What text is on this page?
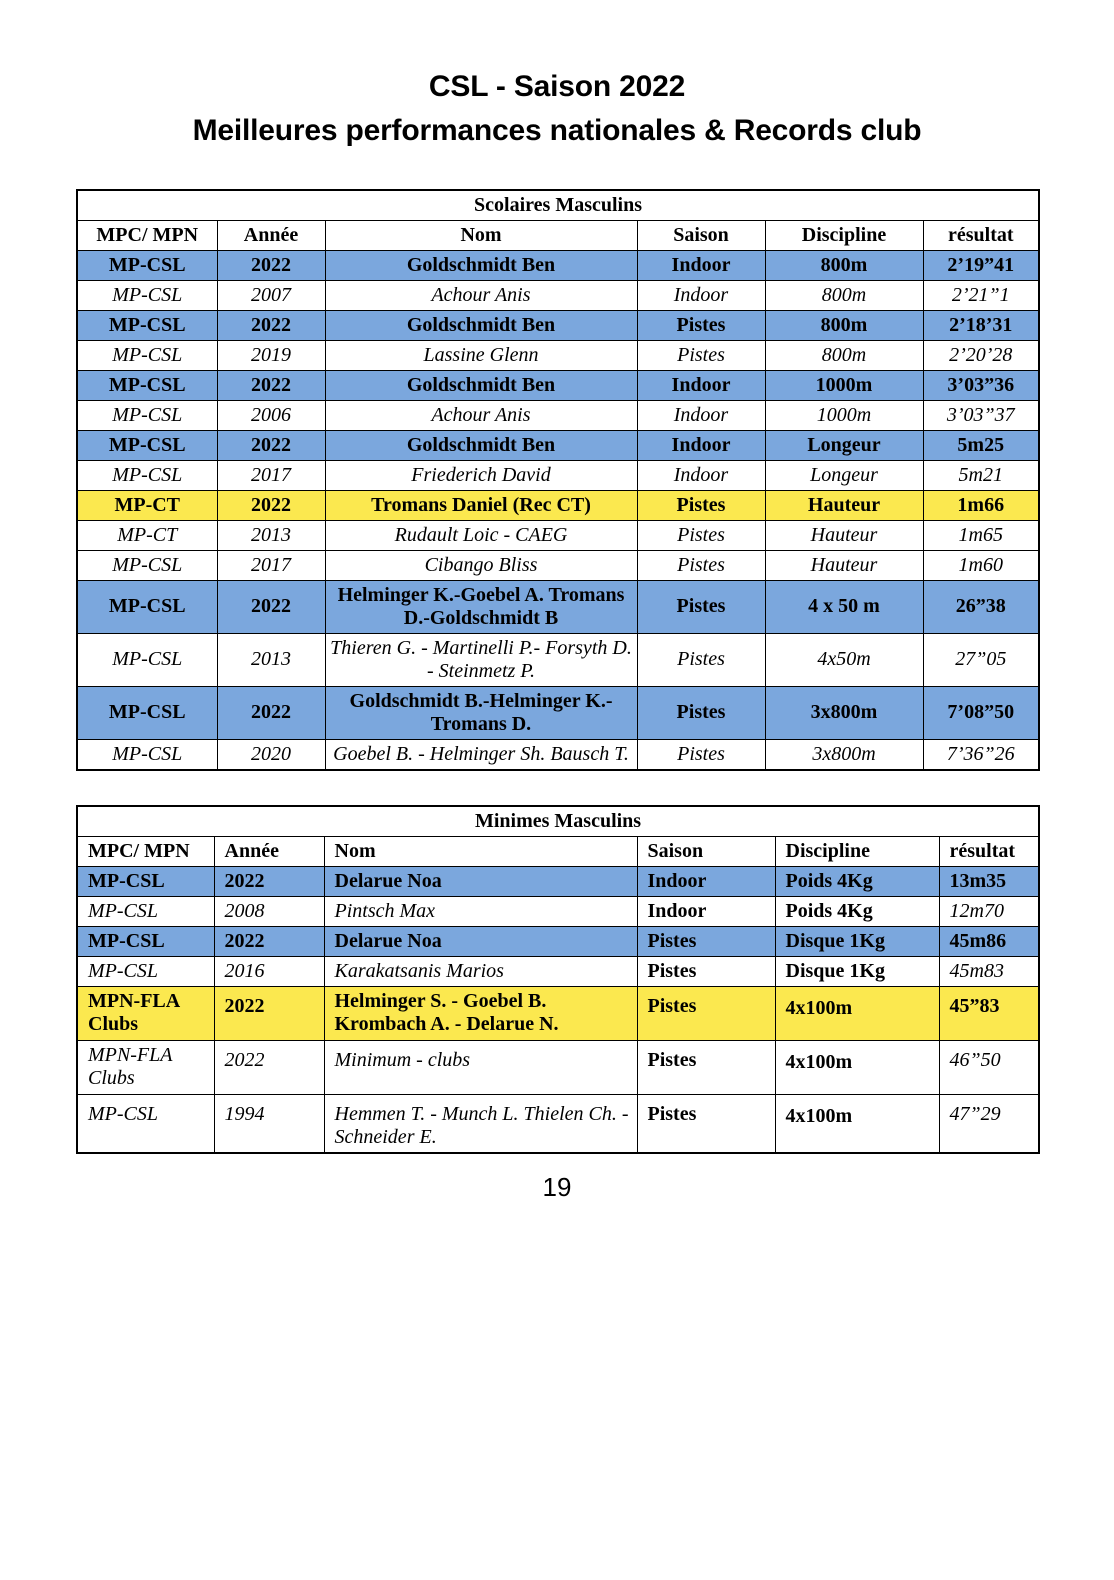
CSL - Saison 2022
Meilleures performances nationales & Records club
Scolaires Masculins					
MPC/ MPN	Année	Nom	Saison	Discipline	résultat
MP-CSL	2022	Goldschmidt Ben	Indoor	800m	2’19”41
MP-CSL	2007	Achour Anis	Indoor	800m	2’21”1
MP-CSL	2022	Goldschmidt Ben	Pistes	800m	2’18’31
MP-CSL	2019	Lassine Glenn	Pistes	800m	2’20’28
MP-CSL	2022	Goldschmidt Ben	Indoor	1000m	3’03”36
MP-CSL	2006	Achour Anis	Indoor	1000m	3’03”37
MP-CSL	2022	Goldschmidt Ben	Indoor	Longeur	5m25
MP-CSL	2017	Friederich David	Indoor	Longeur	5m21
MP-CT	2022	Tromans Daniel (Rec CT)	Pistes	Hauteur	1m66
MP-CT	2013	Rudault Loic - CAEG	Pistes	Hauteur	1m65
MP-CSL	2017	Cibango Bliss	Pistes	Hauteur	1m60
MP-CSL	2022	Helminger K.-Goebel A. Tromans D.-Goldschmidt B	Pistes	4 x 50 m	26”38
MP-CSL	2013	Thieren G. - Martinelli P.- Forsyth D. - Steinmetz P.	Pistes	4x50m	27”05
MP-CSL	2022	Goldschmidt B.-Helminger K.- Tromans D.	Pistes	3x800m	7’08”50
MP-CSL	2020	Goebel B. - Helminger Sh. Bausch T.	Pistes	3x800m	7’36”26
Minimes Masculins					
MPC/ MPN	Année	Nom	Saison	Discipline	résultat
MP-CSL	2022	Delarue Noa	Indoor	Poids 4Kg	13m35
MP-CSL	2008	Pintsch Max	Indoor	Poids 4Kg	12m70
MP-CSL	2022	Delarue Noa	Pistes	Disque 1Kg	45m86
MP-CSL	2016	Karakatsanis Marios	Pistes	Disque 1Kg	45m83
MPN-FLA Clubs	2022	Helminger S. - Goebel B. Krombach A. - Delarue N.	Pistes	4x100m	45”83
MPN-FLA Clubs	2022	Minimum - clubs	Pistes	4x100m	46”50
MP-CSL	1994	Hemmen T. - Munch L. Thielen Ch. - Schneider E.	Pistes	4x100m	47”29
19
